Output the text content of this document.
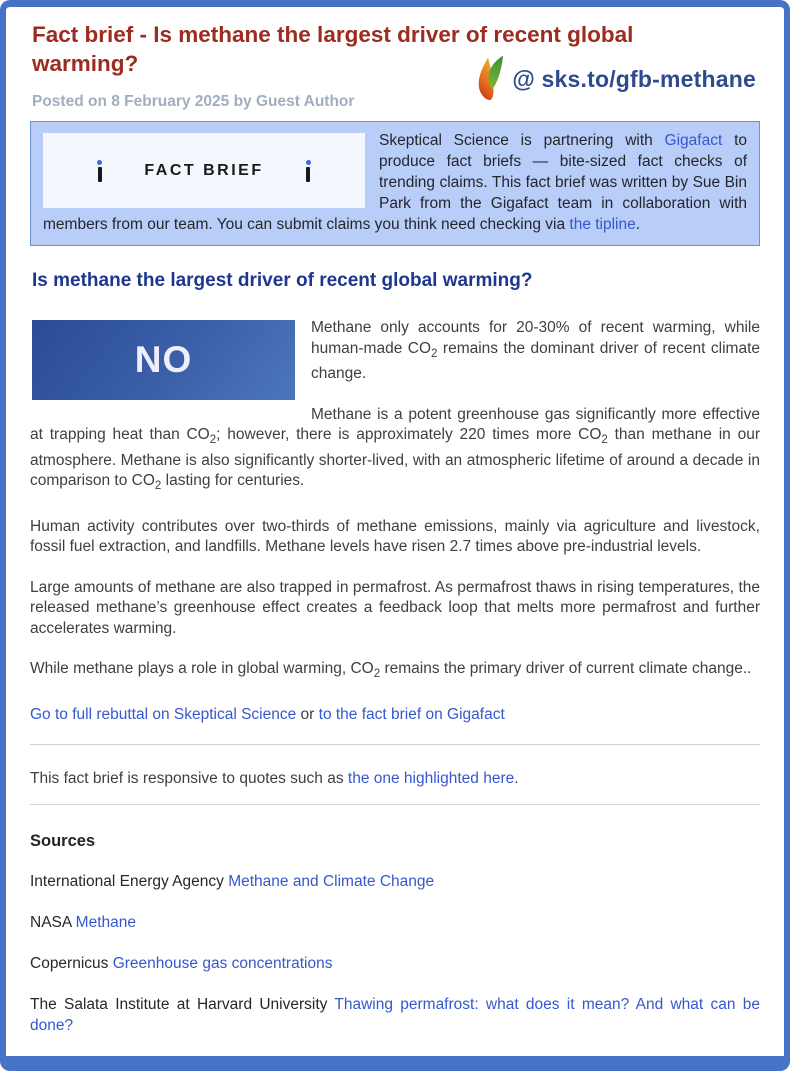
Fact brief - Is methane the largest driver of recent global warming?
@ sks.to/gfb-methane
Posted on 8 February 2025 by Guest Author
FACT BRIEF
Skeptical Science is partnering with Gigafact to produce fact briefs — bite-sized fact checks of trending claims. This fact brief was written by Sue Bin Park from the Gigafact team in collaboration with members from our team. You can submit claims you think need checking via the tipline.
Is methane the largest driver of recent global warming?
NO

Methane only accounts for 20-30% of recent warming, while human-made $CO_2$ remains the dominant driver of recent climate change.

Methane is a potent greenhouse gas significantly more effective at trapping heat than $CO_2$; however, there is approximately 220 times more $CO_2$ than methane in our atmosphere. Methane is also significantly shorter-lived, with an atmospheric lifetime of around a decade in comparison to $CO_2$ lasting for centuries.

Human activity contributes over two-thirds of methane emissions, mainly via agriculture and livestock, fossil fuel extraction, and landfills. Methane levels have risen 2.7 times above pre-industrial levels.

Large amounts of methane are also trapped in permafrost. As permafrost thaws in rising temperatures, the released methane’s greenhouse effect creates a feedback loop that melts more permafrost and further accelerates warming.

While methane plays a role in global warming, $CO_2$ remains the primary driver of current climate change..

Go to full rebuttal on Skeptical Science or to the fact brief on Gigafact

This fact brief is responsive to quotes such as the one highlighted here.

Sources

International Energy Agency Methane and Climate Change

NASA Methane

Copernicus Greenhouse gas concentrations

The Salata Institute at Harvard University Thawing permafrost: what does it mean? And what can be done?
